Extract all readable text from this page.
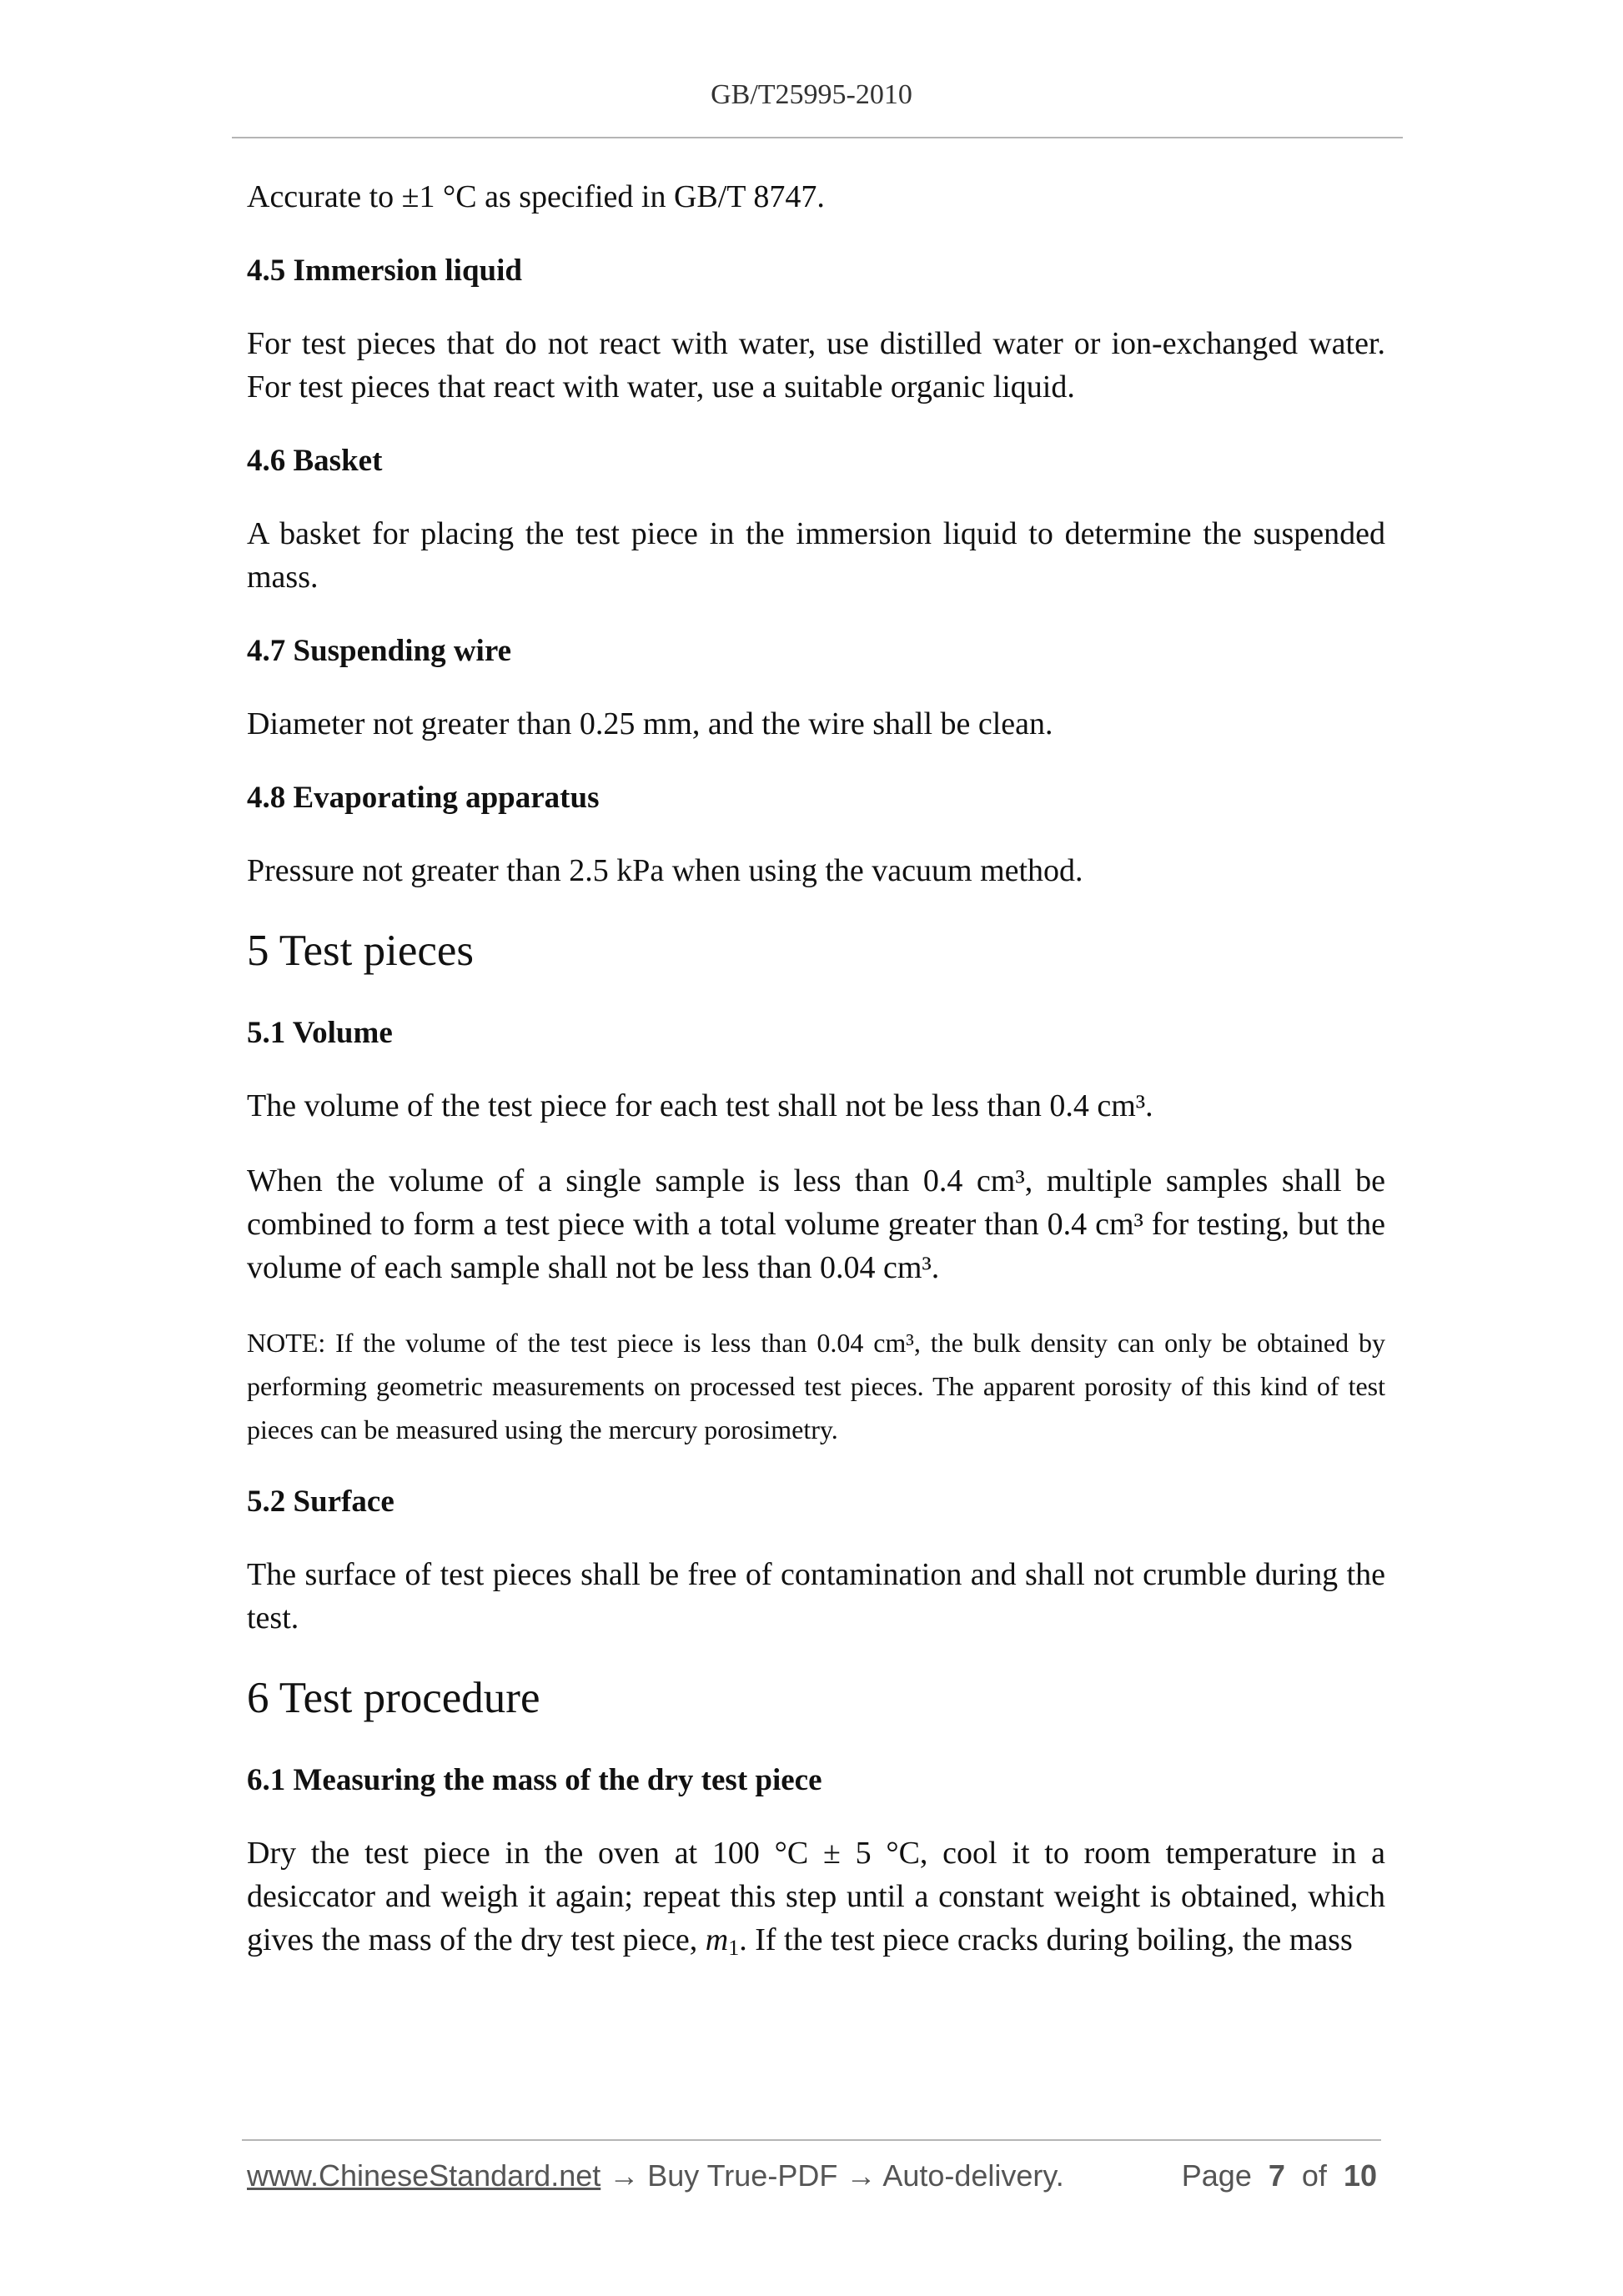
GB/T25995-2010

Accurate to ±1 °C as specified in GB/T 8747.

4.5 Immersion liquid

For test pieces that do not react with water, use distilled water or ion-exchanged water. For test pieces that react with water, use a suitable organic liquid.

4.6 Basket

A basket for placing the test piece in the immersion liquid to determine the suspended mass.

4.7 Suspending wire

Diameter not greater than 0.25 mm, and the wire shall be clean.

4.8 Evaporating apparatus

Pressure not greater than 2.5 kPa when using the vacuum method.

5 Test pieces
5.1 Volume

The volume of the test piece for each test shall not be less than 0.4 cm³.

When the volume of a single sample is less than 0.4 cm³, multiple samples shall be combined to form a test piece with a total volume greater than 0.4 cm³ for testing, but the volume of each sample shall not be less than 0.04 cm³.

NOTE: If the volume of the test piece is less than 0.04 cm³, the bulk density can only be obtained by performing geometric measurements on processed test pieces. The apparent porosity of this kind of test pieces can be measured using the mercury porosimetry.

5.2 Surface

The surface of test pieces shall be free of contamination and shall not crumble during the test.

6 Test procedure
6.1 Measuring the mass of the dry test piece

Dry the test piece in the oven at 100 °C ± 5 °C, cool it to room temperature in a desiccator and weigh it again; repeat this step until a constant weight is obtained, which gives the mass of the dry test piece, $m_1$. If the test piece cracks during boiling, the mass

www.ChineseStandard.net → Buy True-PDF → Auto-delivery.	Page 7 of 10
